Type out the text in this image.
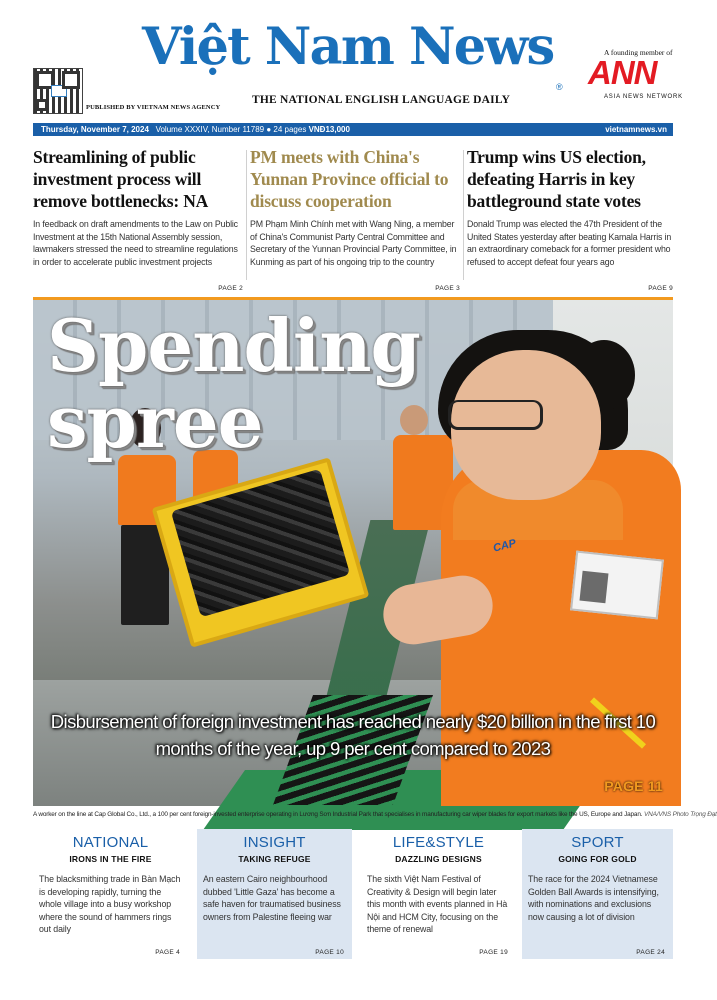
PUBLISHED BY VIETNAM NEWS AGENCY
Việt Nam News
®
THE NATIONAL ENGLISH LANGUAGE DAILY
A founding member of
ANN
ASIA NEWS NETWORK
Thursday, November 7, 2024 Volume XXXIV, Number 11789 ● 24 pages VNĐ13,000	vietnamnews.vn
Streamlining of public investment process will remove bottlenecks: NA

In feedback on draft amendments to the Law on Public Investment at the 15th National Assembly session, lawmakers stressed the need to streamline regulations in order to accelerate public investment projects

PAGE 2
PM meets with China's Yunnan Province official to discuss cooperation

PM Phạm Minh Chính met with Wang Ning, a member of China's Communist Party Central Committee and Secretary of the Yunnan Provincial Party Committee, in Kunming as part of his ongoing trip to the country

PAGE 3
Trump wins US election, defeating Harris in key battleground state votes

Donald Trump was elected the 47th President of the United States yesterday after beating Kamala Harris in an extraordinary comeback for a former president who refused to accept defeat four years ago

PAGE 9
CAP
Spending
spree
Disbursement of foreign investment has reached nearly $20 billion in the first 10 months of the year, up 9 per cent compared to 2023
PAGE 11
A worker on the line at Cap Global Co., Ltd., a 100 per cent foreign-invested enterprise operating in Lương Sơn Industrial Park that specialises in manufacturing car wiper blades for export markets like the US, Europe and Japan. VNA/VNS Photo Trọng Đạt
NATIONAL
IRONS IN THE FIRE

The blacksmithing trade in Bàn Mạch is developing rapidly, turning the whole village into a busy workshop where the sound of hammers rings out daily

PAGE 4
INSIGHT
TAKING REFUGE

An eastern Cairo neighbourhood dubbed 'Little Gaza' has become a safe haven for traumatised business owners from Palestine fleeing war

PAGE 10
LIFE&STYLE
DAZZLING DESIGNS

The sixth Việt Nam Festival of Creativity & Design will begin later this month with events planned in Hà Nội and HCM City, focusing on the theme of renewal

PAGE 19
SPORT
GOING FOR GOLD

The race for the 2024 Vietnamese Golden Ball Awards is intensifying, with nominations and exclusions now causing a lot of division

PAGE 24
